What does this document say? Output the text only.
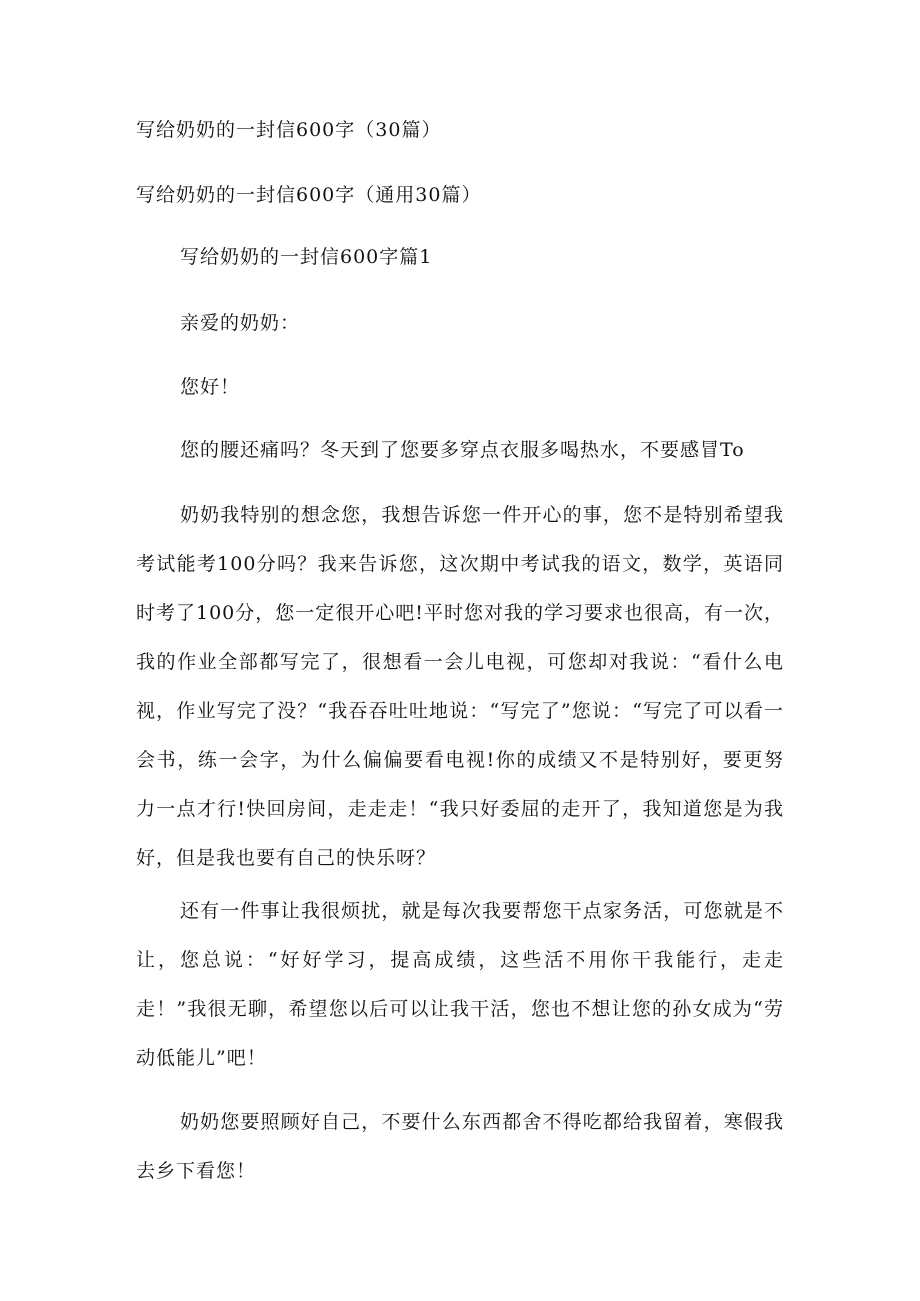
写给奶奶的一封信600字（30篇）

写给奶奶的一封信600字（通用30篇）

写给奶奶的一封信600字篇1

亲爱的奶奶：

您好！

您的腰还痛吗？冬天到了您要多穿点衣服多喝热水，不要感冒To

奶奶我特别的想念您，我想告诉您一件开心的事，您不是特别希望我考试能考100分吗？我来告诉您，这次期中考试我的语文，数学，英语同时考了100分，您一定很开心吧!平时您对我的学习要求也很高，有一次，我的作业全部都写完了，很想看一会儿电视，可您却对我说：“看什么电视，作业写完了没？“我吞吞吐吐地说：“写完了”您说：“写完了可以看一会书，练一会字，为什么偏偏要看电视!你的成绩又不是特别好，要更努力一点才行!快回房间，走走走！“我只好委屈的走开了，我知道您是为我好，但是我也要有自己的快乐呀？

还有一件事让我很烦扰，就是每次我要帮您干点家务活，可您就是不让，您总说：“好好学习，提高成绩，这些活不用你干我能行，走走走！”我很无聊，希望您以后可以让我干活，您也不想让您的孙女成为“劳动低能儿”吧！

奶奶您要照顾好自己，不要什么东西都舍不得吃都给我留着，寒假我去乡下看您！
